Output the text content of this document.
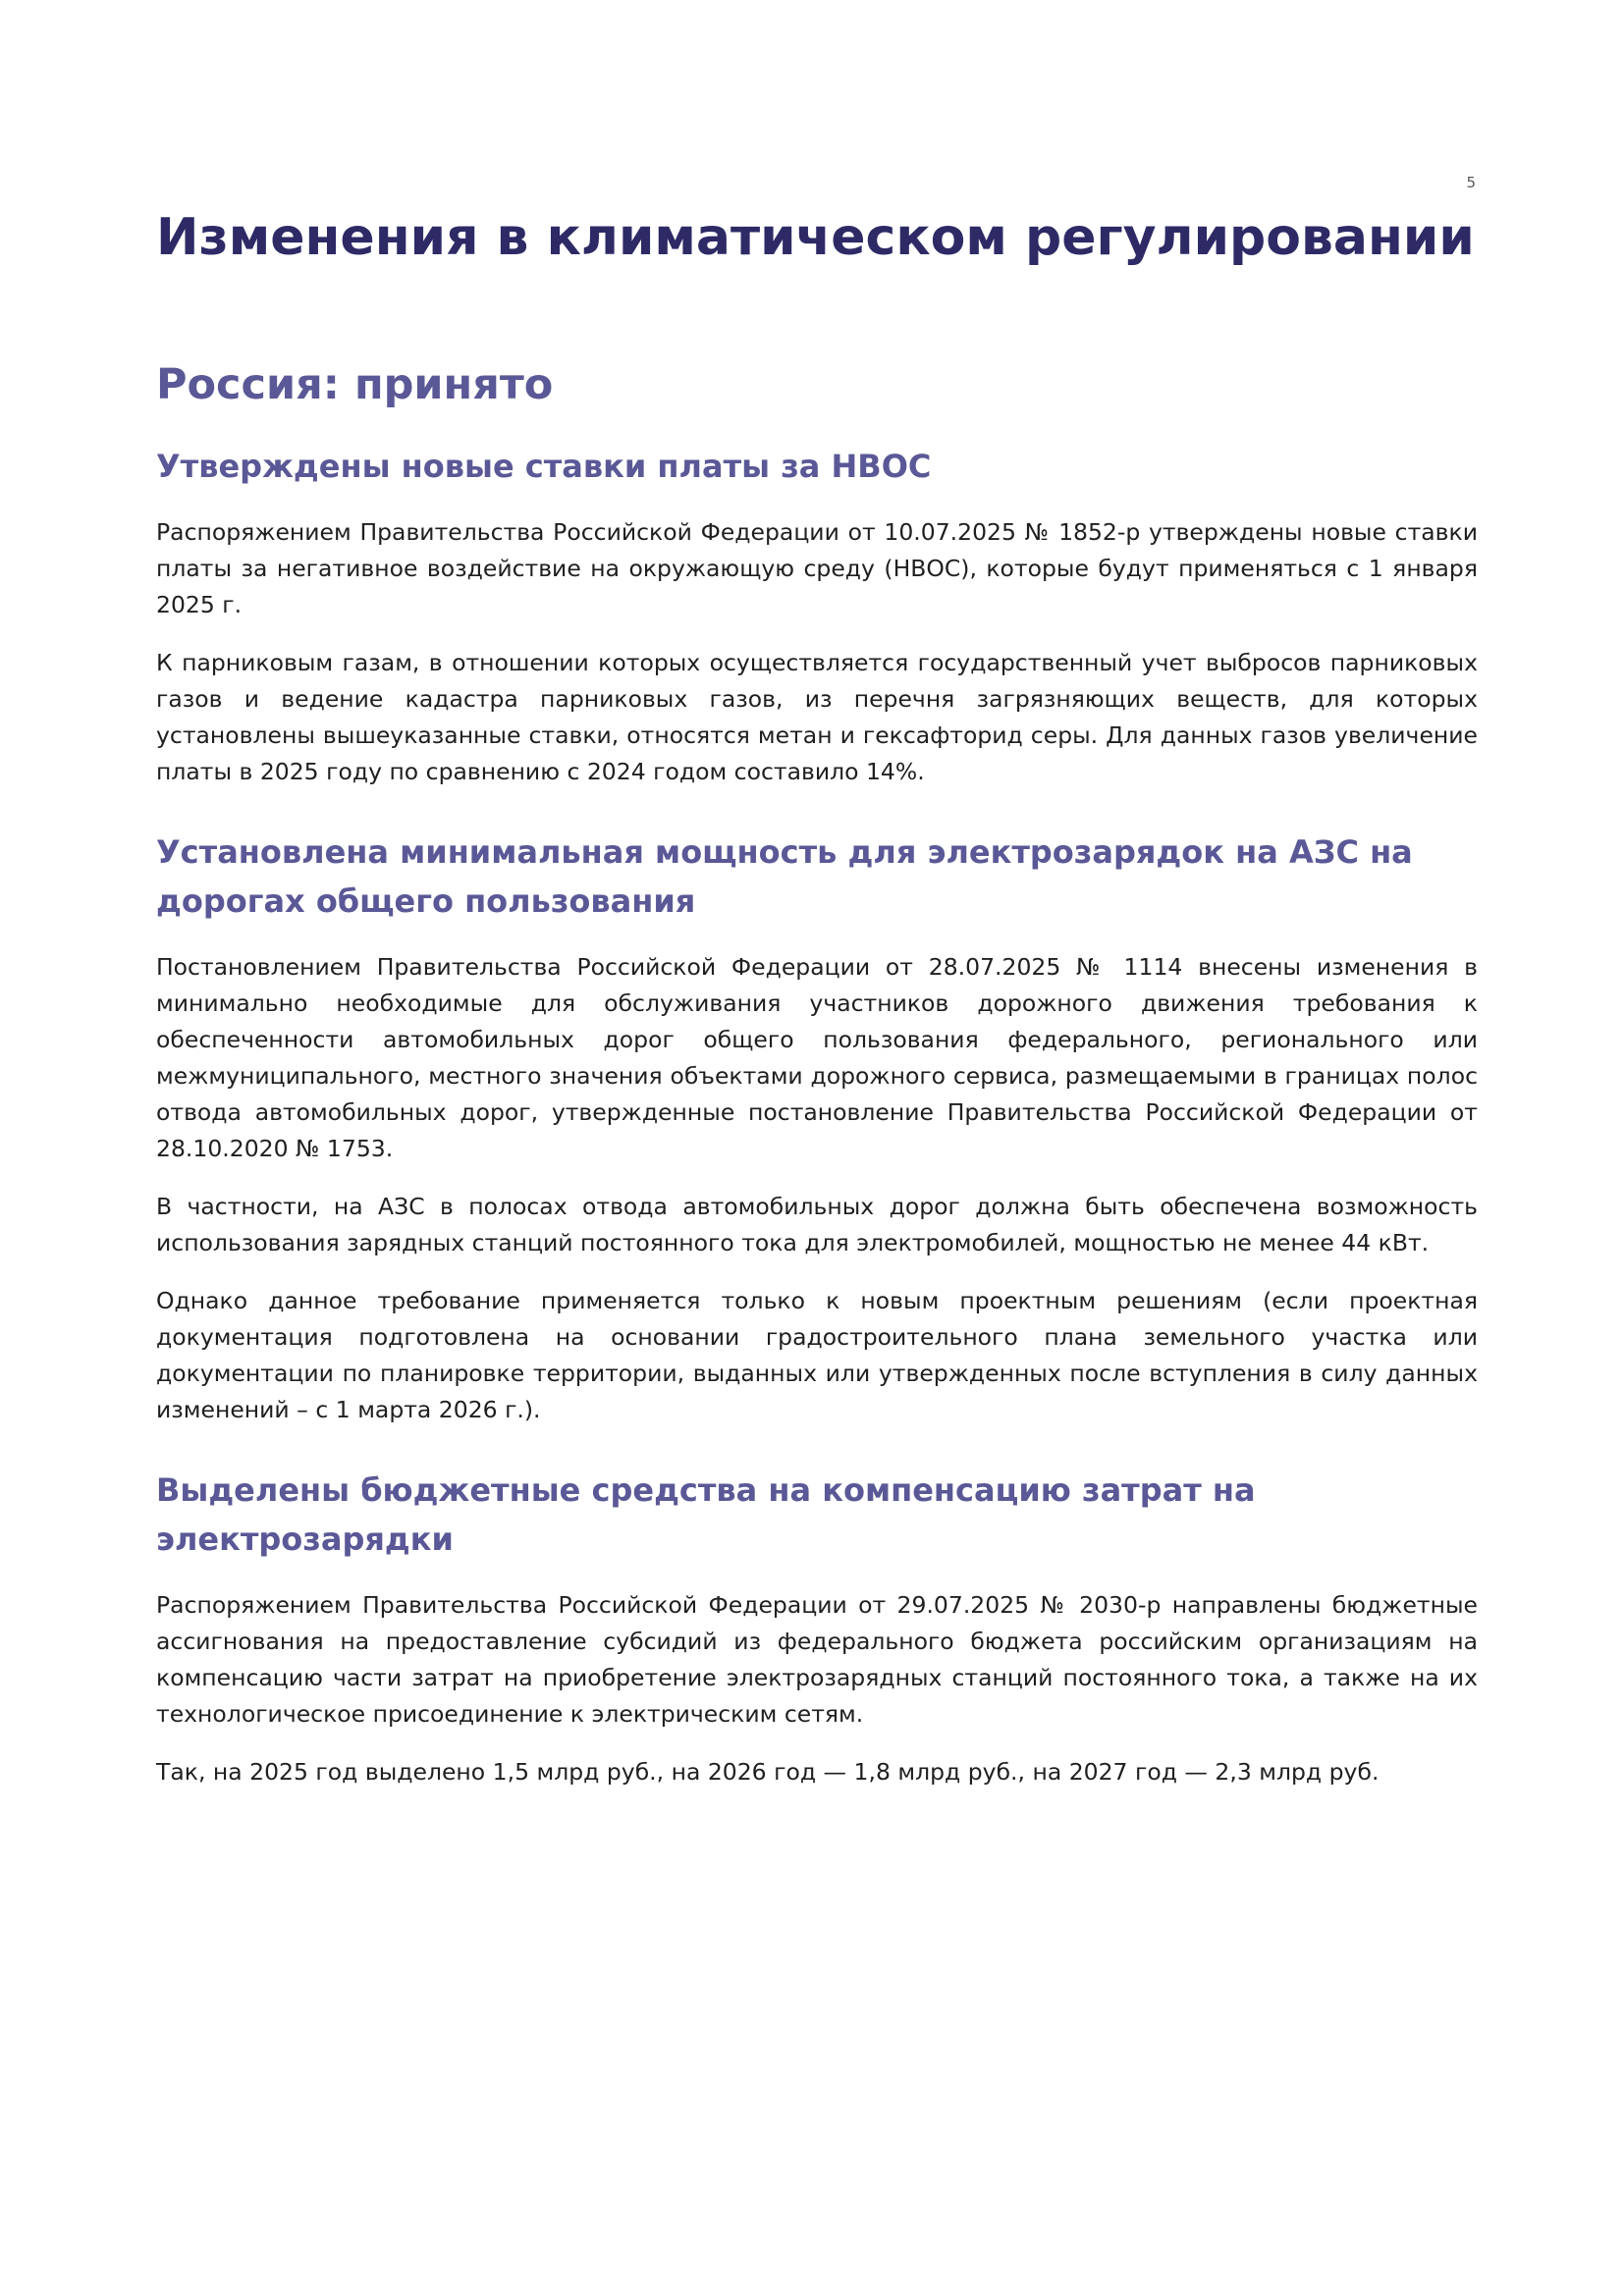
5

Изменения в климатическом регулировании
Россия: принято
Утверждены новые ставки платы за НВОС

Распоряжением Правительства Российской Федерации от 10.07.2025 № 1852-р утверждены новые ставки платы за негативное воздействие на окружающую среду (НВОС), которые будут применяться с 1 января 2025 г.

К парниковым газам, в отношении которых осуществляется государственный учет выбросов парниковых газов и ведение кадастра парниковых газов, из перечня загрязняющих веществ, для которых установлены вышеуказанные ставки, относятся метан и гексафторид серы. Для данных газов увеличение платы в 2025 году по сравнению с 2024 годом составило 14%.

Установлена минимальная мощность для электрозарядок на АЗС на дорогах общего пользования

Постановлением Правительства Российской Федерации от 28.07.2025 № 1114 внесены изменения в минимально необходимые для обслуживания участников дорожного движения требования к обеспеченности автомобильных дорог общего пользования федерального, регионального или межмуниципального, местного значения объектами дорожного сервиса, размещаемыми в границах полос отвода автомобильных дорог, утвержденные постановление Правительства Российской Федерации от 28.10.2020 № 1753.

В частности, на АЗС в полосах отвода автомобильных дорог должна быть обеспечена возможность использования зарядных станций постоянного тока для электромобилей, мощностью не менее 44 кВт.

Однако данное требование применяется только к новым проектным решениям (если проектная документация подготовлена на основании градостроительного плана земельного участка или документации по планировке территории, выданных или утвержденных после вступления в силу данных изменений – с 1 марта 2026 г.).

Выделены бюджетные средства на компенсацию затрат на электрозарядки

Распоряжением Правительства Российской Федерации от 29.07.2025 № 2030-р направлены бюджетные ассигнования на предоставление субсидий из федерального бюджета российским организациям на компенсацию части затрат на приобретение электрозарядных станций постоянного тока, а также на их технологическое присоединение к электрическим сетям.

Так, на 2025 год выделено 1,5 млрд руб., на 2026 год — 1,8 млрд руб., на 2027 год — 2,3 млрд руб.
